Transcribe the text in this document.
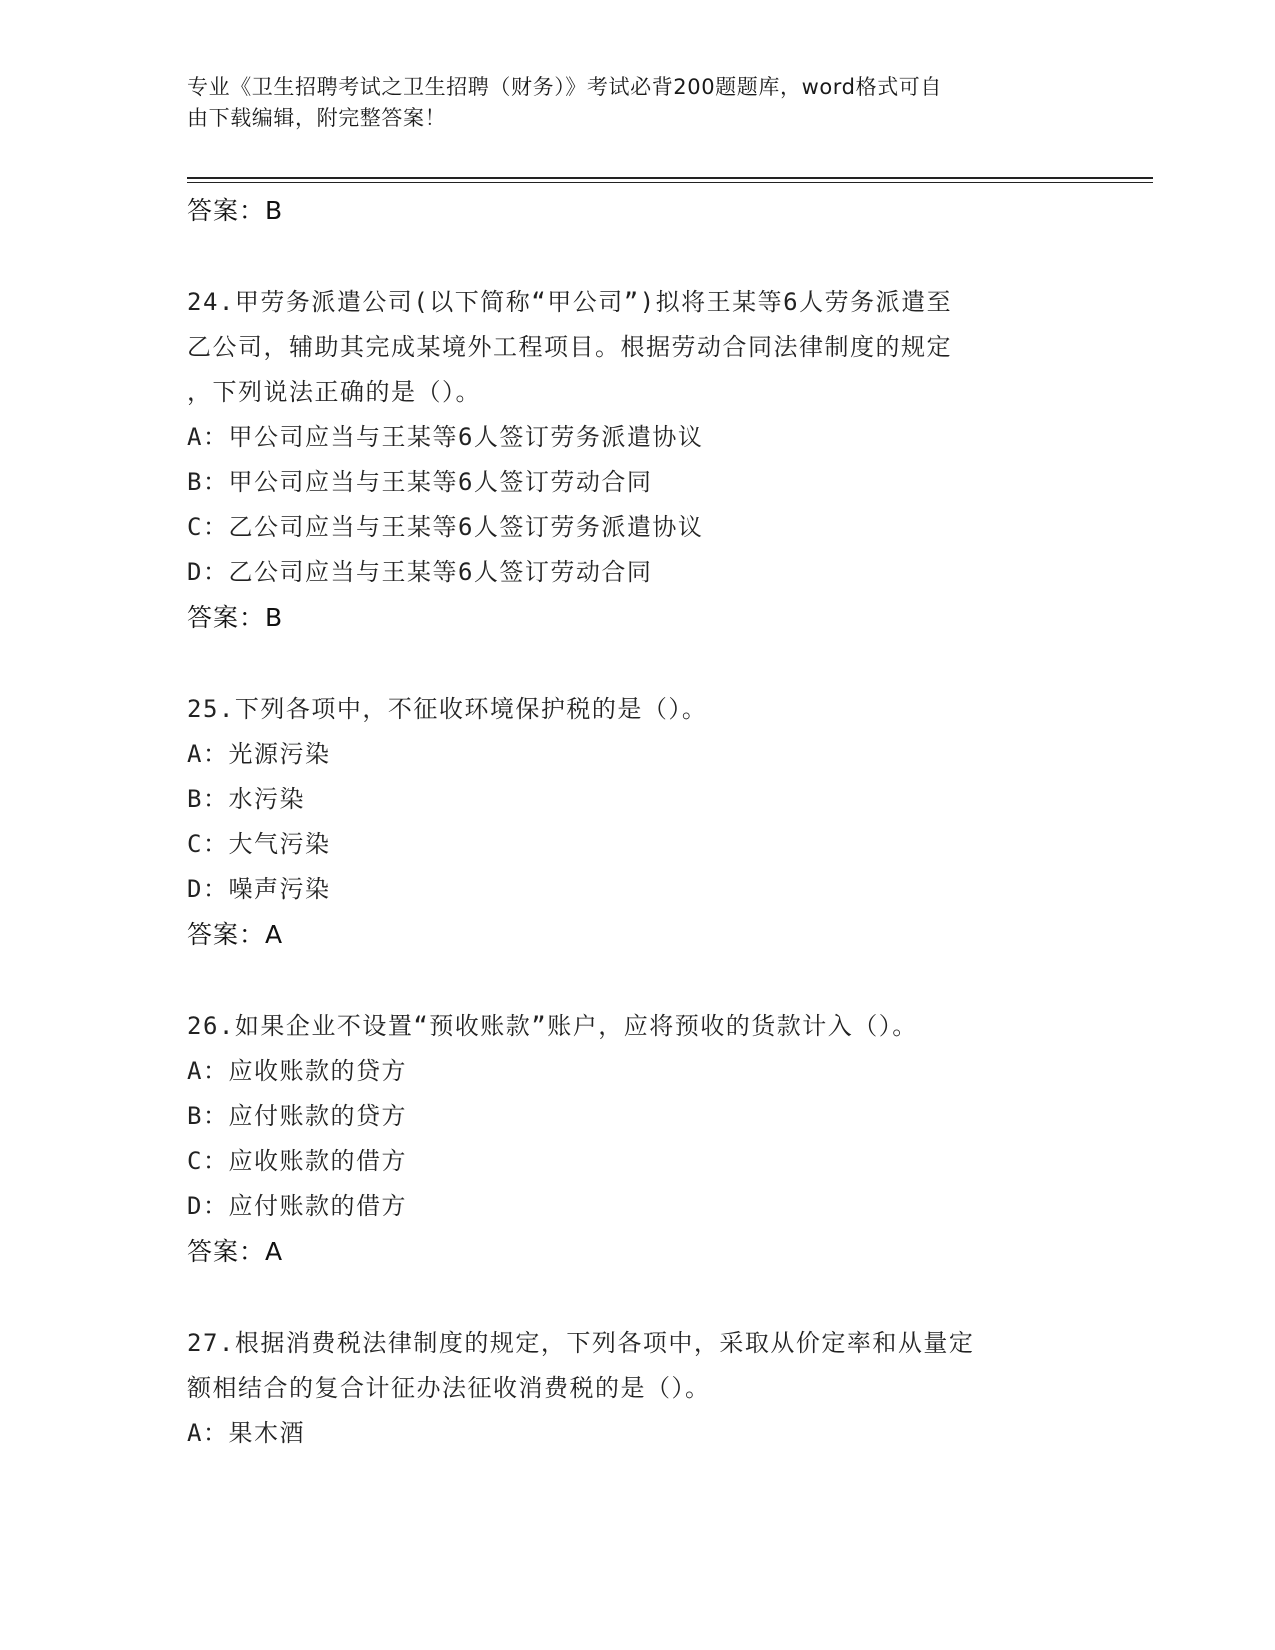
专业《卫生招聘考试之卫生招聘（财务）》考试必背200题题库，word格式可自
由下载编辑，附完整答案！
答案：B
24.甲劳务派遣公司(以下简称“甲公司”)拟将王某等6人劳务派遣至
乙公司，辅助其完成某境外工程项目。根据劳动合同法律制度的规定
，下列说法正确的是（）。
A：甲公司应当与王某等6人签订劳务派遣协议
B：甲公司应当与王某等6人签订劳动合同
C：乙公司应当与王某等6人签订劳务派遣协议
D：乙公司应当与王某等6人签订劳动合同
答案：B
25.下列各项中，不征收环境保护税的是（）。
A：光源污染
B：水污染
C：大气污染
D：噪声污染
答案：A
26.如果企业不设置“预收账款”账户，应将预收的货款计入（）。
A：应收账款的贷方
B：应付账款的贷方
C：应收账款的借方
D：应付账款的借方
答案：A
27.根据消费税法律制度的规定，下列各项中，采取从价定率和从量定
额相结合的复合计征办法征收消费税的是（）。
A：果木酒
